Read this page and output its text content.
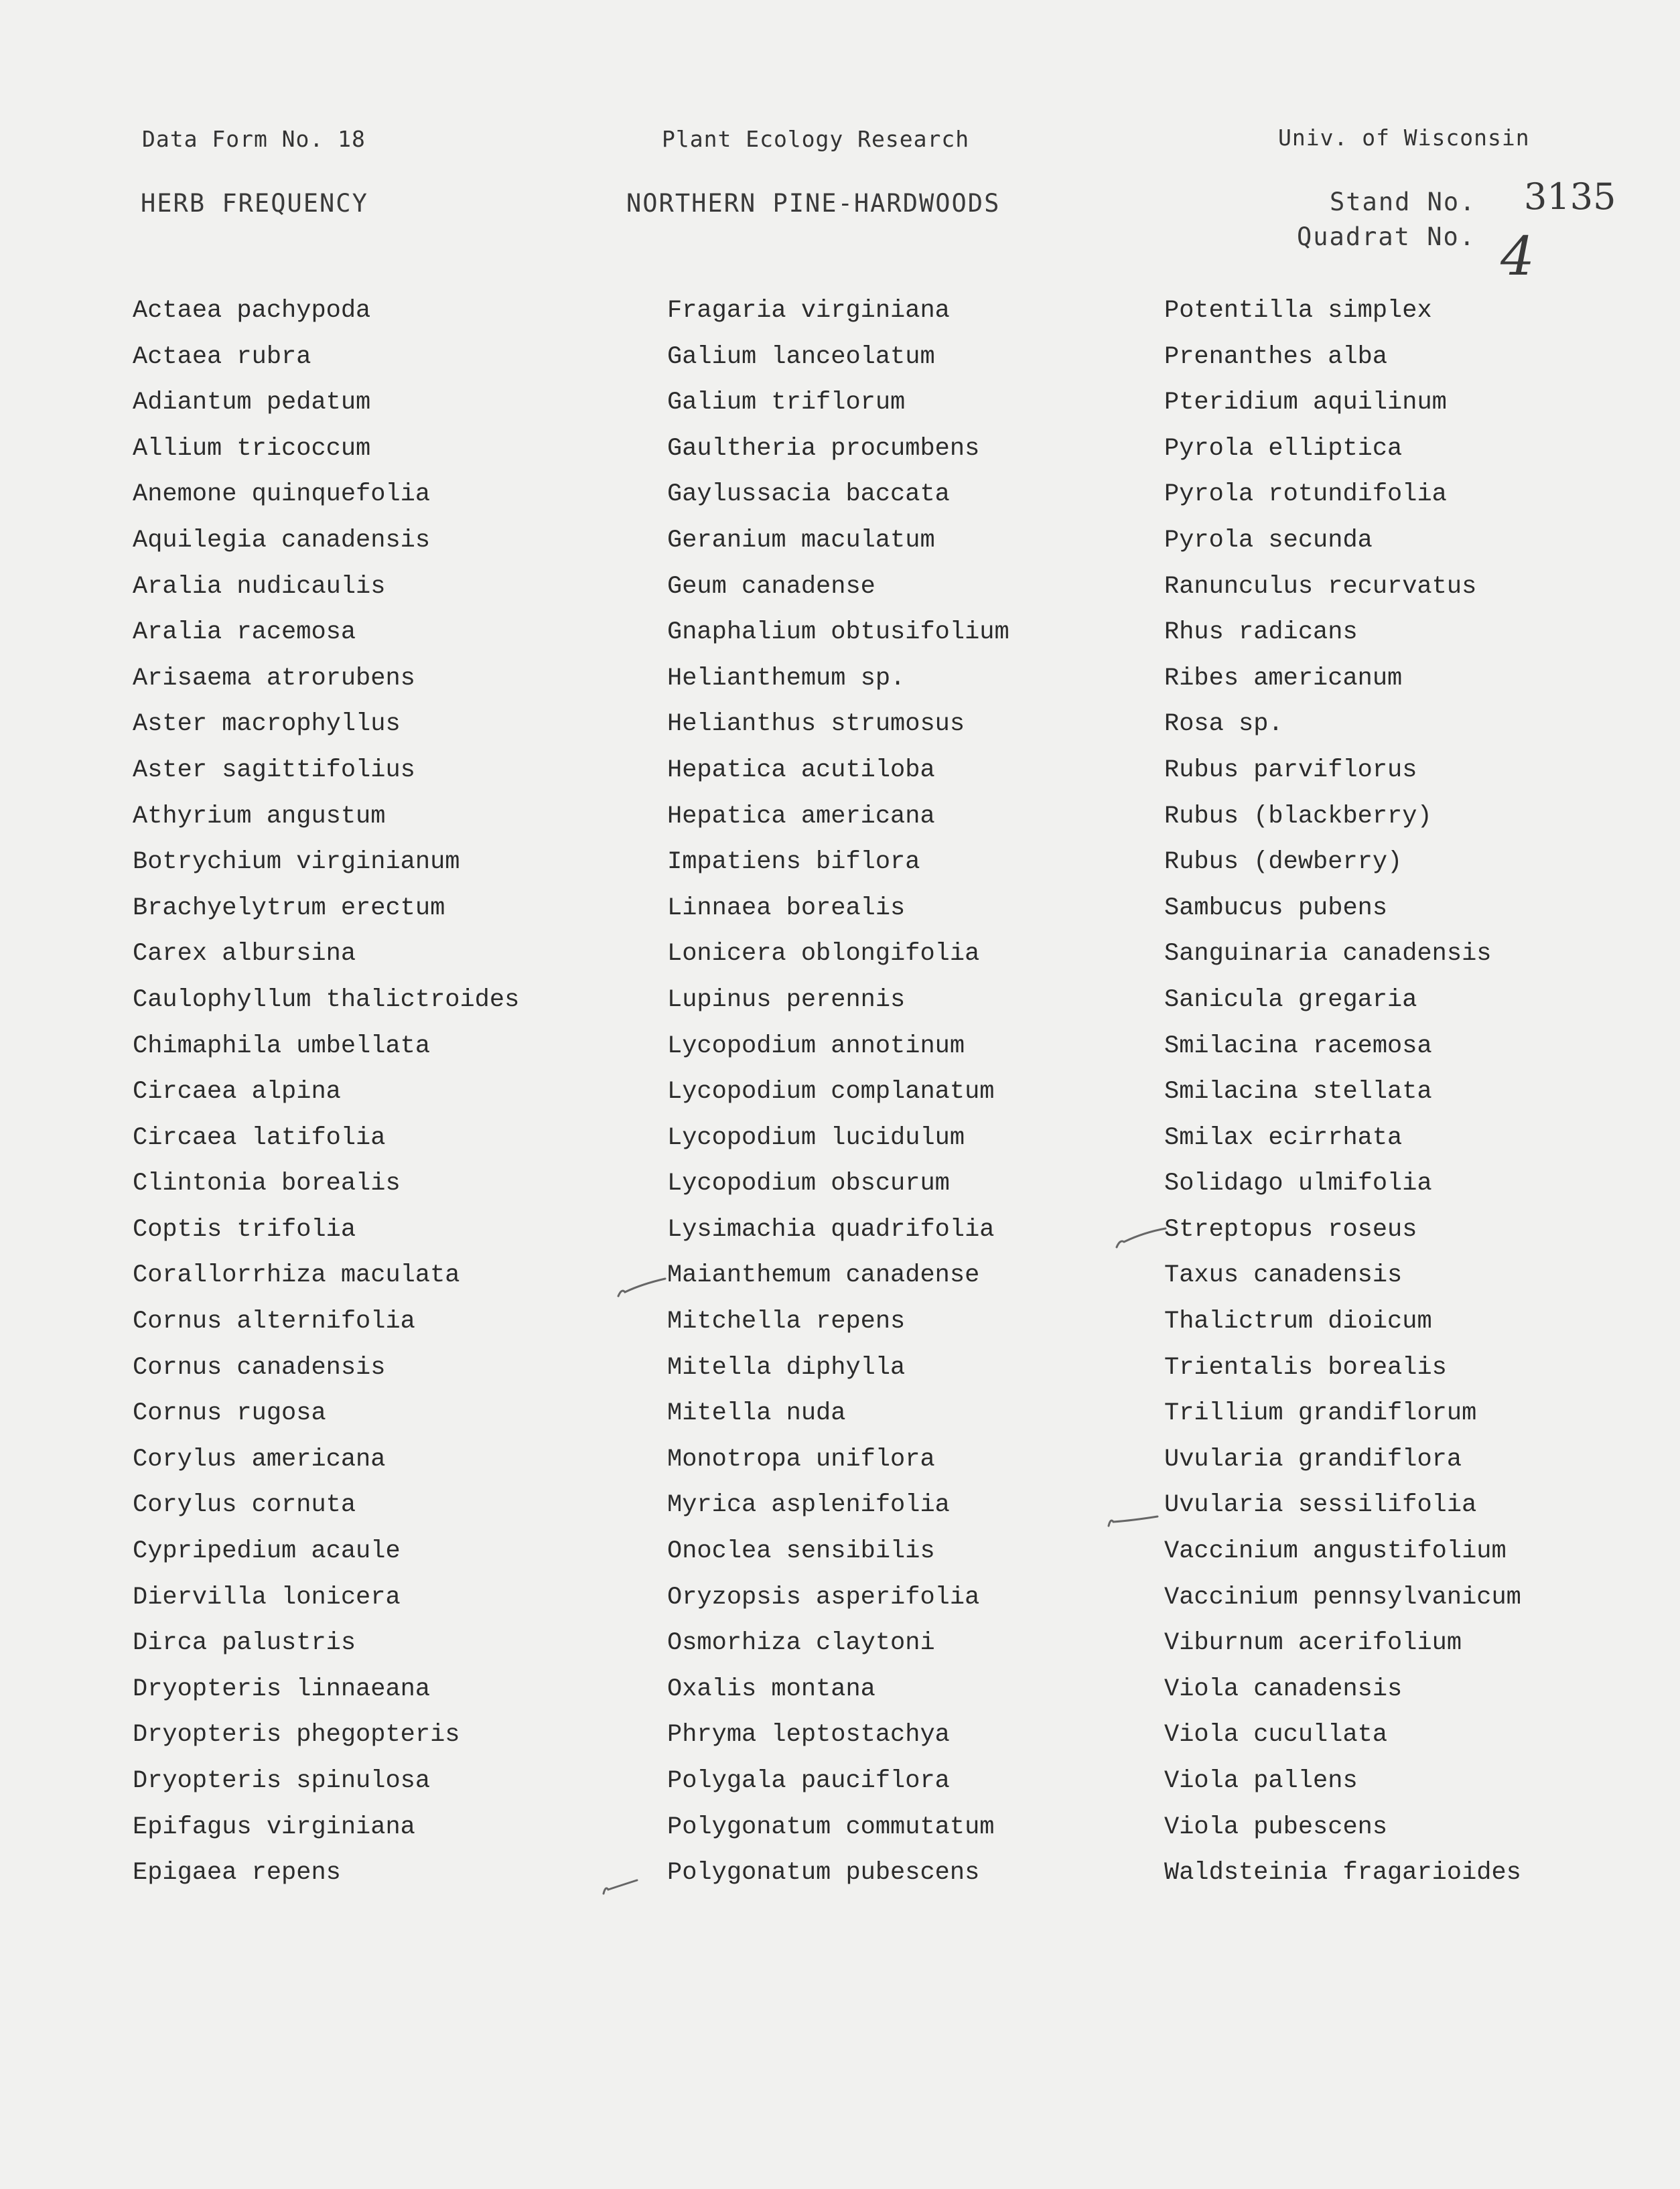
Data Form No. 18	Plant Ecology Research	Univ. of Wisconsin
HERB FREQUENCY	NORTHERN PINE-HARDWOODS	Stand No. 3135
Quadrat No. 4
Actaea pachypoda
Actaea rubra
Adiantum pedatum
Allium tricoccum
Anemone quinquefolia
Aquilegia canadensis
Aralia nudicaulis
Aralia racemosa
Arisaema atrorubens
Aster macrophyllus
Aster sagittifolius
Athyrium angustum
Botrychium virginianum
Brachyelytrum erectum
Carex albursina
Caulophyllum thalictroides
Chimaphila umbellata
Circaea alpina
Circaea latifolia
Clintonia borealis
Coptis trifolia
Corallorrhiza maculata
Cornus alternifolia
Cornus canadensis
Cornus rugosa
Corylus americana
Corylus cornuta
Cypripedium acaule
Diervilla lonicera
Dirca palustris
Dryopteris linnaeana
Dryopteris phegopteris
Dryopteris spinulosa
Epifagus virginiana
Epigaea repens
Fragaria virginiana
Galium lanceolatum
Galium triflorum
Gaultheria procumbens
Gaylussacia baccata
Geranium maculatum
Geum canadense
Gnaphalium obtusifolium
Helianthemum sp.
Helianthus strumosus
Hepatica acutiloba
Hepatica americana
Impatiens biflora
Linnaea borealis
Lonicera oblongifolia
Lupinus perennis
Lycopodium annotinum
Lycopodium complanatum
Lycopodium lucidulum
Lycopodium obscurum
Lysimachia quadrifolia
Maianthemum canadense
Mitchella repens
Mitella diphylla
Mitella nuda
Monotropa uniflora
Myrica asplenifolia
Onoclea sensibilis
Oryzopsis asperifolia
Osmorhiza claytoni
Oxalis montana
Phryma leptostachya
Polygala pauciflora
Polygonatum commutatum
Polygonatum pubescens
Potentilla simplex
Prenanthes alba
Pteridium aquilinum
Pyrola elliptica
Pyrola rotundifolia
Pyrola secunda
Ranunculus recurvatus
Rhus radicans
Ribes americanum
Rosa sp.
Rubus parviflorus
Rubus (blackberry)
Rubus (dewberry)
Sambucus pubens
Sanguinaria canadensis
Sanicula gregaria
Smilacina racemosa
Smilacina stellata
Smilax ecirrhata
Solidago ulmifolia
Streptopus roseus
Taxus canadensis
Thalictrum dioicum
Trientalis borealis
Trillium grandiflorum
Uvularia grandiflora
Uvularia sessilifolia
Vaccinium angustifolium
Vaccinium pennsylvanicum
Viburnum acerifolium
Viola canadensis
Viola cucullata
Viola pallens
Viola pubescens
Waldsteinia fragarioides
